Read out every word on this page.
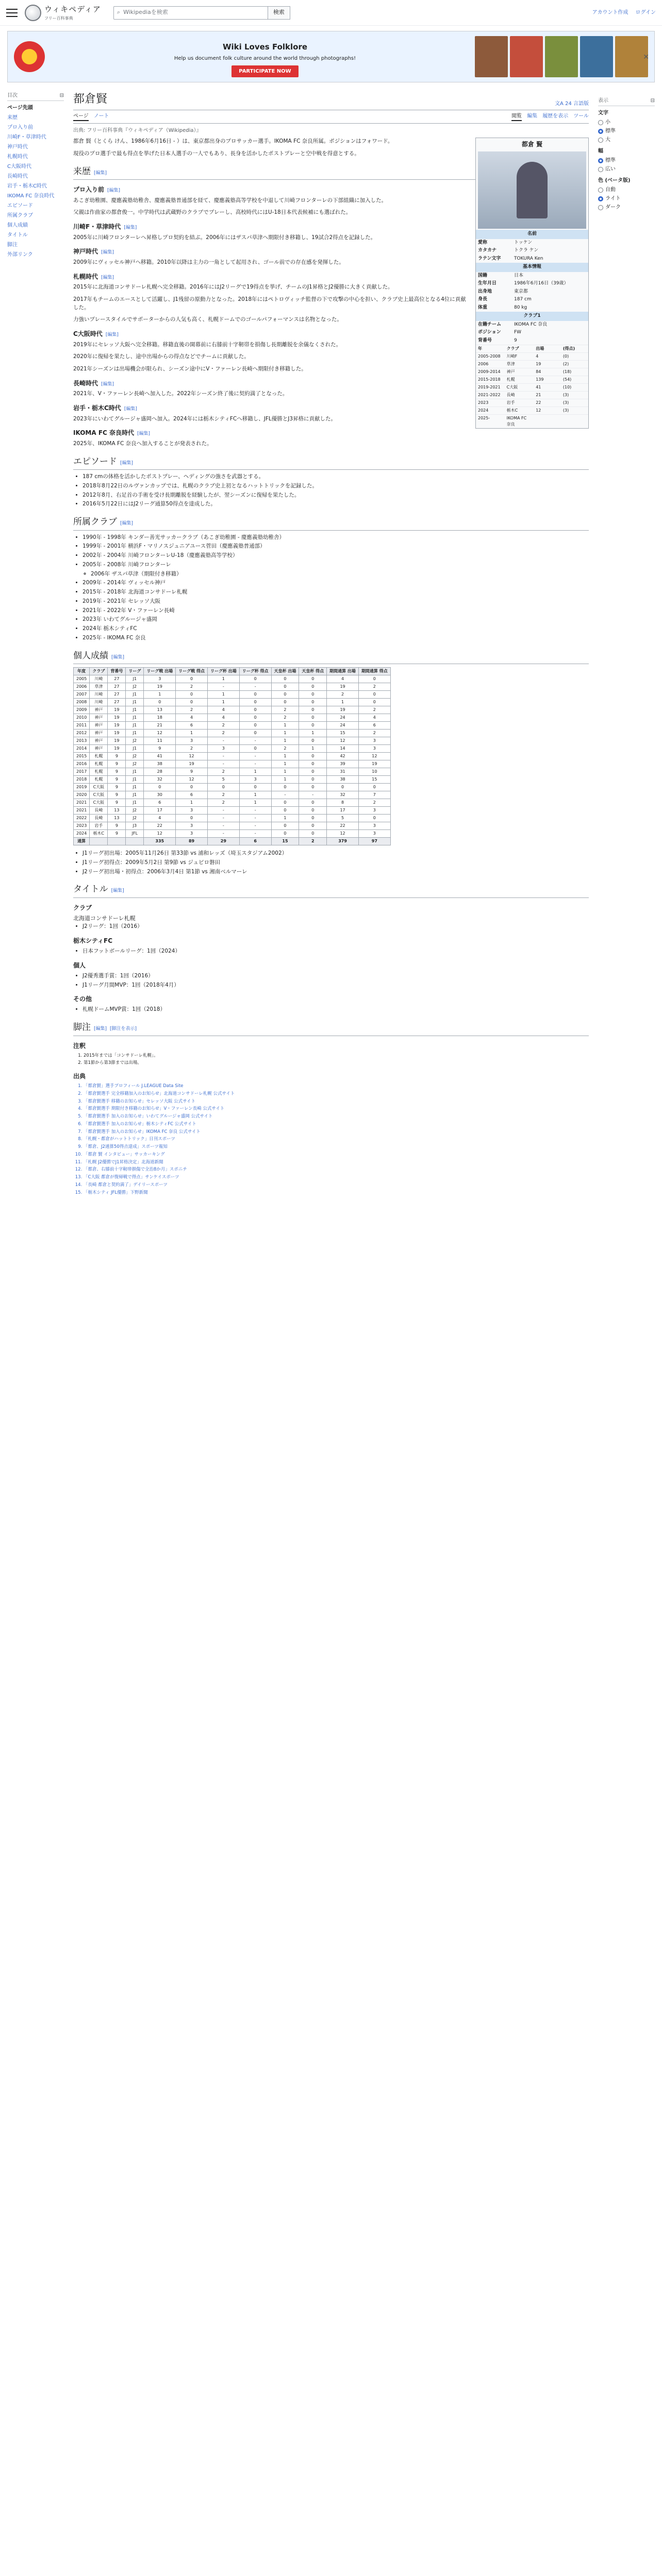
ウィキペディア
フリー百科事典
⌕ Wikipediaを検索	検索	アカウント作成 ログイン
Wiki Loves Folklore

Help us document folk culture around the world through photographs!

PARTICIPATE NOW
✕
目次	⊟
ページ先頭
来歴
プロ入り前
川崎F・草津時代
神戸時代
札幌時代
C大阪時代
長崎時代
岩手・栃木C時代
IKOMA FC 奈良時代
エピソード
所属クラブ
個人成績
タイトル
脚注
外部リンク
都倉賢	文A 24 言語版
ページ ノート	閲覧 編集 履歴を表示 ツール
出典: フリー百科事典『ウィキペディア（Wikipedia）』
都倉 賢
名前
愛称	トッケン
カタカナ	トクラ ケン
ラテン文字	TOKURA Ken
基本情報
国籍	日本
生年月日	1986年6月16日（39歳）
出身地	東京都
身長	187 cm
体重	80 kg
クラブ1
在籍チーム	IKOMA FC 奈良
ポジション	FW
背番号	9
年	クラブ	出場	(得点)
2005-2008	川崎F	4	(0)
2006	草津	19	(2)
2009-2014	神戸	84	(18)
2015-2018	札幌	139	(54)
2019-2021	C大阪	41	(10)
2021-2022	長崎	21	(3)
2023	岩手	22	(3)
2024	栃木C	12	(3)
2025-	IKOMA FC 奈良		

都倉 賢（とくら けん、1986年6月16日 - ）は、東京都出身のプロサッカー選手。IKOMA FC 奈良所属。ポジションはフォワード。

現役のプロ選手で最も得点を挙げた日本人選手の一人でもあり、長身を活かしたポストプレーと空中戦を得意とする。

来歴 [編集]
プロ入り前 [編集]

あこぎ幼稚園、慶應義塾幼稚舎、慶應義塾普通部を経て、慶應義塾高等学校を中退して川崎フロンターレの下部組織に加入した。

父親は作曲家の都倉俊一。中学時代は武蔵野のクラブでプレーし、高校時代にはU-18日本代表候補にも選ばれた。

川崎F・草津時代 [編集]

2005年に川崎フロンターレへ昇格しプロ契約を結ぶ。2006年にはザスパ草津へ期限付き移籍し、19試合2得点を記録した。

神戸時代 [編集]

2009年にヴィッセル神戸へ移籍。2010年以降は主力の一角として起用され、ゴール前での存在感を発揮した。

札幌時代 [編集]

2015年に北海道コンサドーレ札幌へ完全移籍。2016年にはJ2リーグで19得点を挙げ、チームのJ1昇格とJ2優勝に大きく貢献した。

2017年もチームのエースとして活躍し、J1残留の原動力となった。2018年にはペトロヴィッチ監督の下で攻撃の中心を担い、クラブ史上最高位となる4位に貢献した。

力強いプレースタイルでサポーターからの人気も高く、札幌ドームでのゴールパフォーマンスは名物となった。

C大阪時代 [編集]

2019年にセレッソ大阪へ完全移籍。移籍直後の開幕前に右膝前十字靭帯を損傷し長期離脱を余儀なくされた。

2020年に復帰を果たし、途中出場からの得点などでチームに貢献した。

2021年シーズンは出場機会が限られ、シーズン途中にV・ファーレン長崎へ期限付き移籍した。

長崎時代 [編集]

2021年、V・ファーレン長崎へ加入した。2022年シーズン終了後に契約満了となった。

岩手・栃木C時代 [編集]

2023年にいわてグルージャ盛岡へ加入。2024年には栃木シティFCへ移籍し、JFL優勝とJ3昇格に貢献した。

IKOMA FC 奈良時代 [編集]

2025年、IKOMA FC 奈良へ加入することが発表された。

エピソード [編集]
• 187 cmの体格を活かしたポストプレー、ヘディングの強さを武器とする。
• 2018年8月22日のルヴァンカップでは、札幌のクラブ史上初となるハットトリックを記録した。
• 2012年8月、右足首の手術を受け長期離脱を経験したが、翌シーズンに復帰を果たした。
• 2016年5月22日にはJ2リーグ通算50得点を達成した。
所属クラブ [編集]
• 1990年 - 1998年 キンダー善光サッカークラブ（あこぎ幼稚園 - 慶應義塾幼稚舎）
• 1999年 - 2001年 横浜F・マリノスジュニアユース菅田（慶應義塾普通部）
• 2002年 - 2004年 川崎フロンターレU-18（慶應義塾高等学校）
• 2005年 - 2008年 川崎フロンターレ
◦ 2006年 ザスパ草津（期限付き移籍）
• 2009年 - 2014年 ヴィッセル神戸
• 2015年 - 2018年 北海道コンサドーレ札幌
• 2019年 - 2021年 セレッソ大阪
• 2021年 - 2022年 V・ファーレン長崎
• 2023年 いわてグルージャ盛岡
• 2024年 栃木シティFC
• 2025年 - IKOMA FC 奈良
個人成績 [編集]
年度	クラブ	背番号	リーグ	リーグ戦 出場	リーグ戦 得点	リーグ杯 出場	リーグ杯 得点	天皇杯 出場	天皇杯 得点	期間通算 出場	期間通算 得点
2005	川崎	27	J1	3	0	1	0	0	0	4	0
2006	草津	27	J2	19	2	-	-	0	0	19	2
2007	川崎	27	J1	1	0	1	0	0	0	2	0
2008	川崎	27	J1	0	0	1	0	0	0	1	0
2009	神戸	19	J1	13	2	4	0	2	0	19	2
2010	神戸	19	J1	18	4	4	0	2	0	24	4
2011	神戸	19	J1	21	6	2	0	1	0	24	6
2012	神戸	19	J1	12	1	2	0	1	1	15	2
2013	神戸	19	J2	11	3	-	-	1	0	12	3
2014	神戸	19	J1	9	2	3	0	2	1	14	3
2015	札幌	9	J2	41	12	-	-	1	0	42	12
2016	札幌	9	J2	38	19	-	-	1	0	39	19
2017	札幌	9	J1	28	9	2	1	1	0	31	10
2018	札幌	9	J1	32	12	5	3	1	0	38	15
2019	C大阪	9	J1	0	0	0	0	0	0	0	0
2020	C大阪	9	J1	30	6	2	1	-	-	32	7
2021	C大阪	9	J1	6	1	2	1	0	0	8	2
2021	長崎	13	J2	17	3	-	-	0	0	17	3
2022	長崎	13	J2	4	0	-	-	1	0	5	0
2023	岩手	9	J3	22	3	-	-	0	0	22	3
2024	栃木C	9	JFL	12	3	-	-	0	0	12	3
通算				335	89	29	6	15	2	379	97
• J1リーグ初出場：2005年11月26日 第33節 vs 浦和レッズ（埼玉スタジアム2002）
• J1リーグ初得点：2009年5月2日 第9節 vs ジュビロ磐田
• J2リーグ初出場・初得点：2006年3月4日 第1節 vs 湘南ベルマーレ
タイトル [編集]
クラブ
北海道コンサドーレ札幌
• J2リーグ：1回（2016）
栃木シティFC
• 日本フットボールリーグ：1回（2024）
個人
• J2優秀選手賞：1回（2016）
• J1リーグ月間MVP：1回（2018年4月）
その他
• 札幌ドームMVP賞：1回（2018）
脚注 [編集] [脚注を表示]
注釈
1. 2015年までは「コンサドーレ札幌」。
2. 第1節から第3節までは出場。
出典
1. 「都倉賢」選手プロフィール J.LEAGUE Data Site
2. 「都倉賢選手 完全移籍加入のお知らせ」北海道コンサドーレ札幌 公式サイト
3. 「都倉賢選手 移籍のお知らせ」セレッソ大阪 公式サイト
4. 「都倉賢選手 期限付き移籍のお知らせ」V・ファーレン長崎 公式サイト
5. 「都倉賢選手 加入のお知らせ」いわてグルージャ盛岡 公式サイト
6. 「都倉賢選手 加入のお知らせ」栃木シティFC 公式サイト
7. 「都倉賢選手 加入のお知らせ」IKOMA FC 奈良 公式サイト
8. 「札幌・都倉がハットトリック」日刊スポーツ
9. 「都倉、J2通算50得点達成」スポーツ報知
10. 「都倉 賢 インタビュー」サッカーキング
11. 「札幌 J2優勝でJ1昇格決定」北海道新聞
12. 「都倉、右膝前十字靭帯損傷で全治8か月」スポニチ
13. 「C大阪 都倉が復帰戦で得点」サンケイスポーツ
14. 「長崎 都倉と契約満了」デイリースポーツ
15. 「栃木シティ JFL優勝」下野新聞
表示	⊟
文字
小
標準
大
幅
標準
広い
色 (ベータ版)
自動
ライト
ダーク
